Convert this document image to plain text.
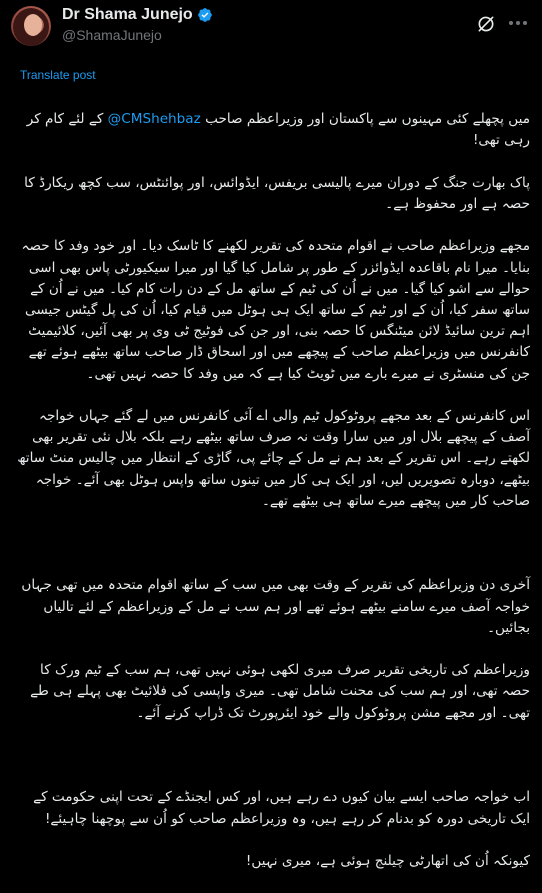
Dr Shama Junejo
@ShamaJunejo
Translate post

میں پچھلے کئی مہینوں سے پاکستان اور وزیراعظم صاحب @CMShehbaz کے لئے کام کر رہی تھی!

پاک بھارت جنگ کے دوران میرے پالیسی بریفس، ایڈوائس، اور پوائنٹس، سب کچھ ریکارڈ کا حصہ ہے اور محفوظ ہے۔

مجھے وزیراعظم صاحب نے اقوام متحدہ کی تقریر لکھنے کا ٹاسک دیا۔ اور خود وفد کا حصہ بنایا۔ میرا نام باقاعدہ ایڈوائزر کے طور پر شامل کیا گیا اور میرا سیکیورٹی پاس بھی اسی حوالے سے اشو کیا گیا۔ میں نے اُن کی ٹیم کے ساتھ مل کے دن رات کام کیا۔ میں نے اُن کے ساتھ سفر کیا، اُن کے اور ٹیم کے ساتھ ایک ہی ہوٹل میں قیام کیا، اُن کی پل گیٹس جیسی اہم ترین سائیڈ لائن میٹنگس کا حصہ بنی، اور جن کی فوٹیج ٹی وی پر بھی آئیں، کلائیمیٹ کانفرنس میں وزیراعظم صاحب کے پیچھے میں اور اسحاق ڈار صاحب ساتھ بیٹھے ہوئے تھے جن کی منسٹری نے میرے بارے میں ٹویٹ کیا ہے کہ میں وفد کا حصہ نہیں تھی۔

اس کانفرنس کے بعد مجھے پروٹوکول ٹیم والی اے آئی کانفرنس میں لے گئے جہاں خواجہ آصف کے پیچھے بلال اور میں سارا وقت نہ صرف ساتھ بیٹھے رہے بلکہ بلال نئی تقریر بھی لکھتے رہے۔ اس تقریر کے بعد ہم نے مل کے چائے پی، گاڑی کے انتظار میں چالیس منٹ ساتھ بیٹھے، دوبارہ تصویریں لیں، اور ایک ہی کار میں تینوں ساتھ واپس ہوٹل بھی آئے۔ خواجہ صاحب کار میں پیچھے میرے ساتھ ہی بیٹھے تھے۔

آخری دن وزیراعظم کی تقریر کے وقت بھی میں سب کے ساتھ اقوام متحدہ میں تھی جہاں خواجہ آصف میرے سامنے بیٹھے ہوئے تھے اور ہم سب نے مل کے وزیراعظم کے لئے تالیاں بجائیں۔

وزیراعظم کی تاریخی تقریر صرف میری لکھی ہوئی نہیں تھی، ہم سب کے ٹیم ورک کا حصہ تھی، اور ہم سب کی محنت شامل تھی۔ میری واپسی کی فلائیٹ بھی پہلے ہی طے تھی۔ اور مجھے مشن پروٹوکول والے خود ایئرپورٹ تک ڈراپ کرنے آئے۔

اب خواجہ صاحب ایسے بیان کیوں دے رہے ہیں، اور کس ایجنڈے کے تحت اپنی حکومت کے ایک تاریخی دورہ کو بدنام کر رہے ہیں، وہ وزیراعظم صاحب کو اُن سے پوچھنا چاہیئے!

کیونکہ اُن کی اتھارٹی چیلنج ہوئی ہے، میری نہیں!
